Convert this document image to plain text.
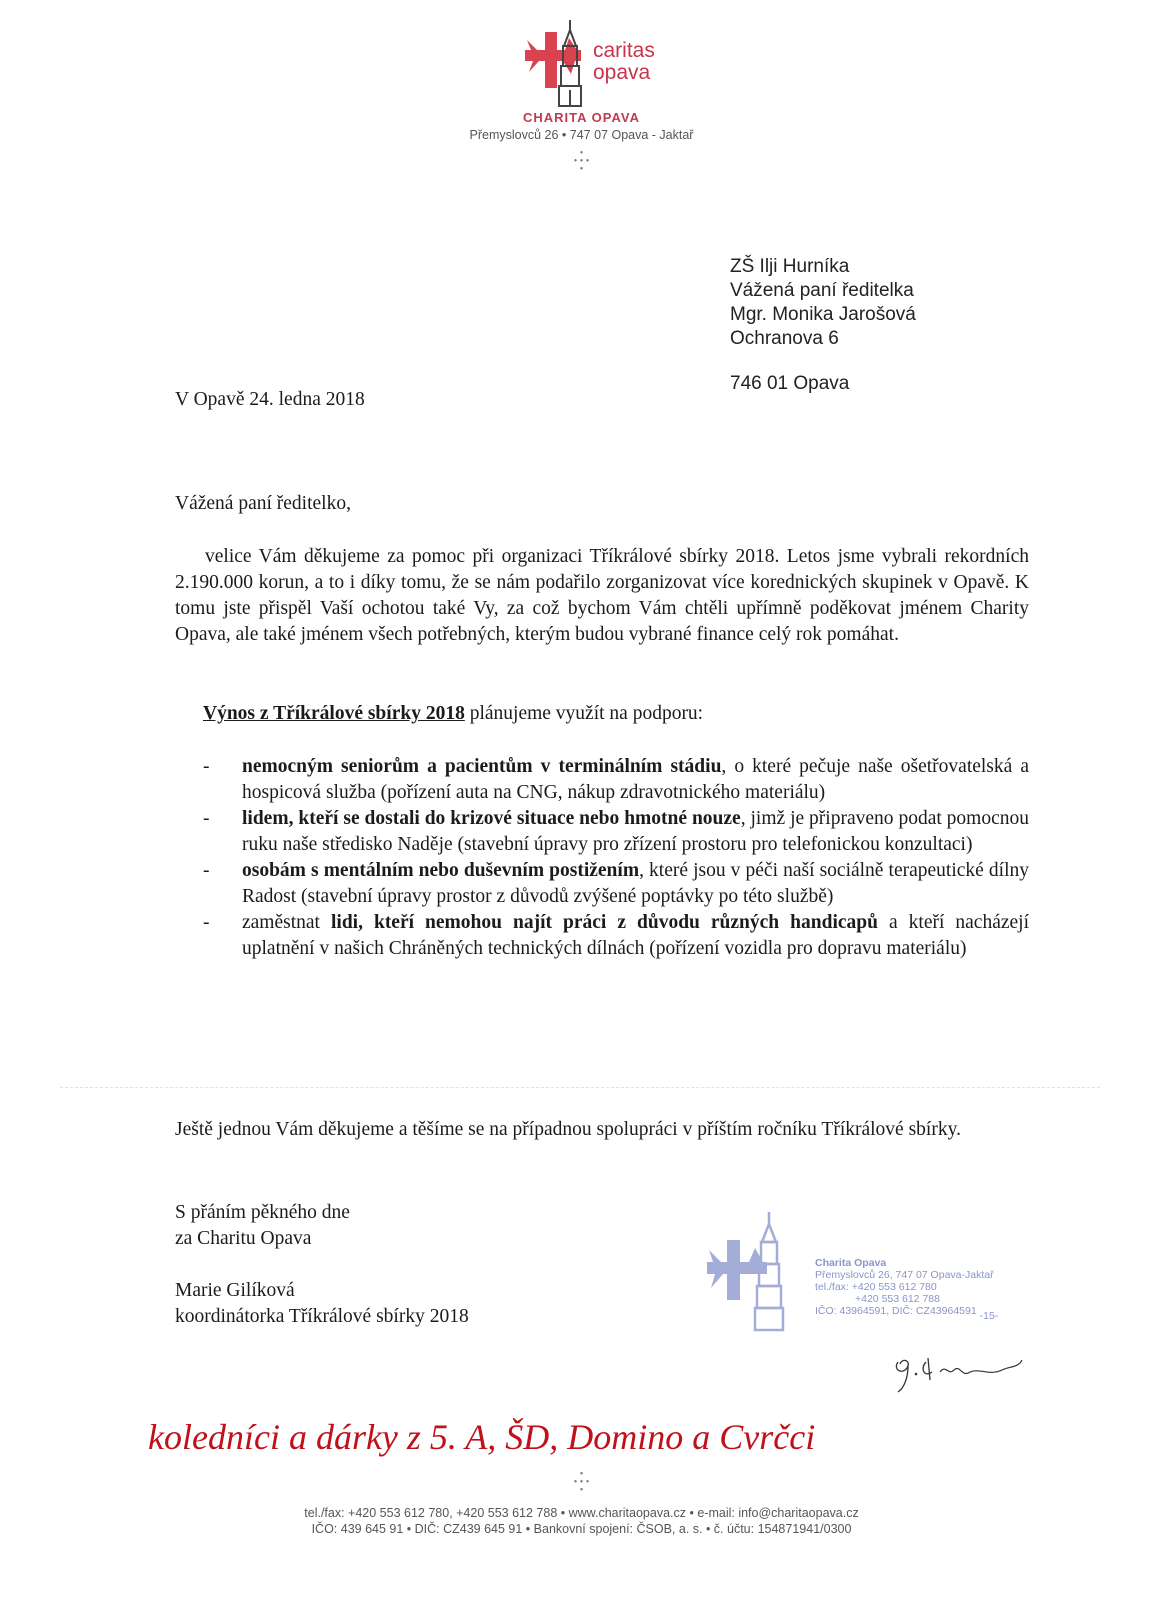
caritas
opava
CHARITA OPAVA
Přemyslovců 26 • 747 07 Opava - Jaktař
•
• • •
•
ZŠ Ilji Hurníka
Vážená paní ředitelka
Mgr. Monika Jarošová
Ochranova 6
746 01 Opava
V Opavě 24. ledna 2018
Vážená paní ředitelko,
velice Vám děkujeme za pomoc při organizaci Tříkrálové sbírky 2018. Letos jsme vybrali rekordních 2.190.000 korun, a to i díky tomu, že se nám podařilo zorganizovat více korednických skupinek v Opavě. K tomu jste přispěl Vaší ochotou také Vy, za což bychom Vám chtěli upřímně poděkovat jménem Charity Opava, ale také jménem všech potřebných, kterým budou vybrané finance celý rok pomáhat.
Výnos z Tříkrálové sbírky 2018 plánujeme využít na podporu:
- nemocným seniorům a pacientům v terminálním stádiu, o které pečuje naše ošetřovatelská a hospicová služba (pořízení auta na CNG, nákup zdravotnického materiálu)
- lidem, kteří se dostali do krizové situace nebo hmotné nouze, jimž je připraveno podat pomocnou ruku naše středisko Naděje (stavební úpravy pro zřízení prostoru pro telefonickou konzultaci)
- osobám s mentálním nebo duševním postižením, které jsou v péči naší sociálně terapeutické dílny Radost (stavební úpravy prostor z důvodů zvýšené poptávky po této službě)
- zaměstnat lidi, kteří nemohou najít práci z důvodu různých handicapů a kteří nacházejí uplatnění v našich Chráněných technických dílnách (pořízení vozidla pro dopravu materiálu)
Ještě jednou Vám děkujeme a těšíme se na případnou spolupráci v příštím ročníku Tříkrálové sbírky.
S přáním pěkného dne
za Charitu Opava
Marie Gilíková
koordinátorka Tříkrálové sbírky 2018
Charita Opava
Přemyslovců 26, 747 07 Opava-Jaktař
tel./fax: +420 553 612 780
+420 553 612 788
IČO: 43964591, DIČ: CZ43964591 -15-
koledníci a dárky z 5. A, ŠD, Domino a Cvrčci
•
• • •
•
tel./fax: +420 553 612 780, +420 553 612 788 • www.charitaopava.cz • e-mail: info@charitaopava.cz
IČO: 439 645 91 • DIČ: CZ439 645 91 • Bankovní spojení: ČSOB, a. s. • č. účtu: 154871941/0300
